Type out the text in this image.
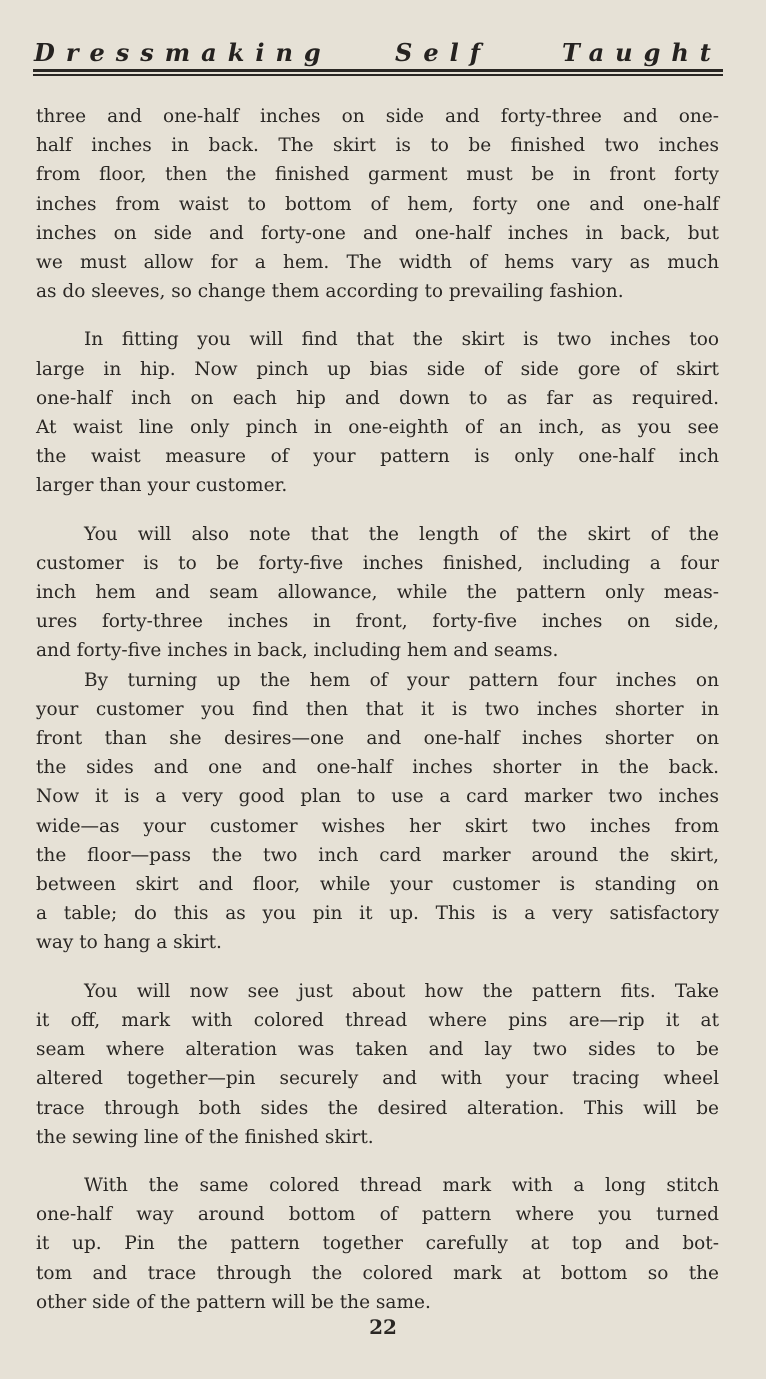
Dressmaking	Self	Taught

three and one-half inches on side and forty-three and one-

half inches in back. The skirt is to be finished two inches

from floor, then the finished garment must be in front forty

inches from waist to bottom of hem, forty one and one-half

inches on side and forty-one and one-half inches in back, but

we must allow for a hem. The width of hems vary as much

as do sleeves, so change them according to prevailing fashion.

In fitting you will find that the skirt is two inches too

large in hip. Now pinch up bias side of side gore of skirt

one-half inch on each hip and down to as far as required.

At waist line only pinch in one-eighth of an inch, as you see

the waist measure of your pattern is only one-half inch

larger than your customer.

You will also note that the length of the skirt of the

customer is to be forty-five inches finished, including a four

inch hem and seam allowance, while the pattern only meas-

ures forty-three inches in front, forty-five inches on side,

and forty-five inches in back, including hem and seams.

By turning up the hem of your pattern four inches on

your customer you find then that it is two inches shorter in

front than she desires—one and one-half inches shorter on

the sides and one and one-half inches shorter in the back.

Now it is a very good plan to use a card marker two inches

wide—as your customer wishes her skirt two inches from

the floor—pass the two inch card marker around the skirt,

between skirt and floor, while your customer is standing on

a table; do this as you pin it up. This is a very satisfactory

way to hang a skirt.

You will now see just about how the pattern fits. Take

it off, mark with colored thread where pins are—rip it at

seam where alteration was taken and lay two sides to be

altered together—pin securely and with your tracing wheel

trace through both sides the desired alteration. This will be

the sewing line of the finished skirt.

With the same colored thread mark with a long stitch

one-half way around bottom of pattern where you turned

it up. Pin the pattern together carefully at top and bot-

tom and trace through the colored mark at bottom so the

other side of the pattern will be the same.

22
